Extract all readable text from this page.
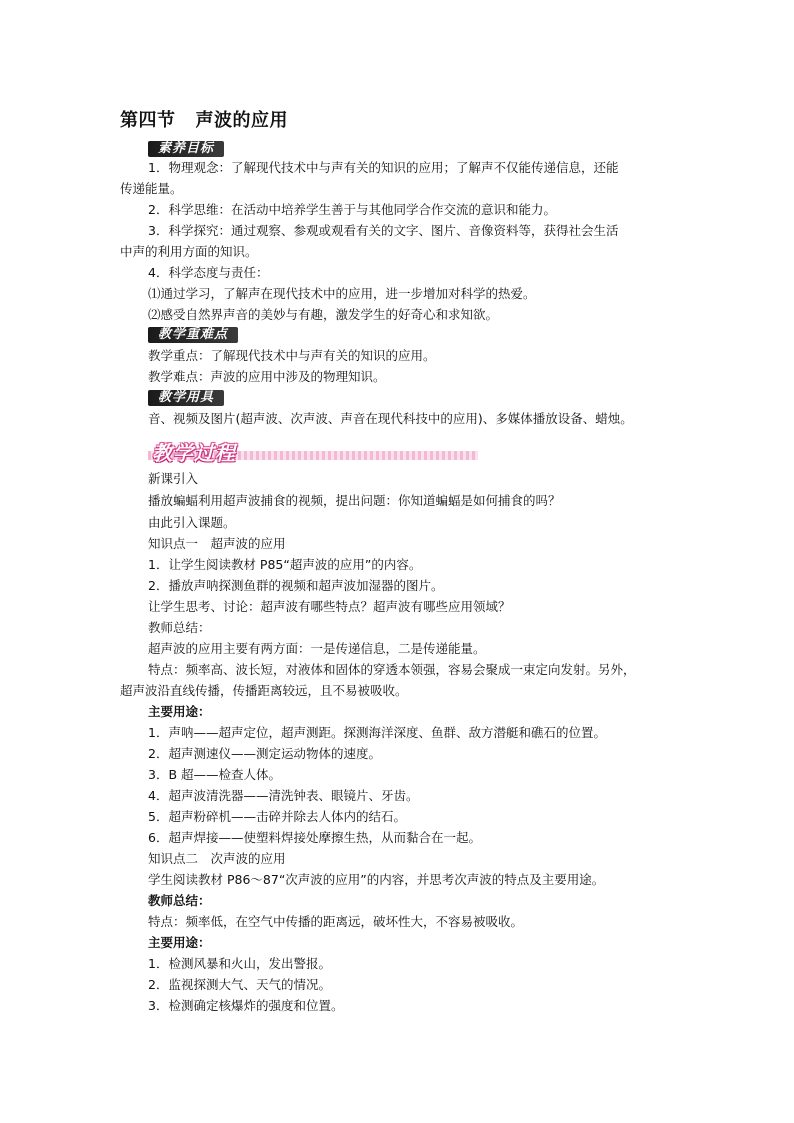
第四节 声波的应用
素养目标
1．物理观念：了解现代技术中与声有关的知识的应用；了解声不仅能传递信息，还能
传递能量。
2．科学思维：在活动中培养学生善于与其他同学合作交流的意识和能力。
3．科学探究：通过观察、参观或观看有关的文字、图片、音像资料等，获得社会生活
中声的利用方面的知识。
4．科学态度与责任：
⑴通过学习，了解声在现代技术中的应用，进一步增加对科学的热爱。
⑵感受自然界声音的美妙与有趣，激发学生的好奇心和求知欲。
教学重难点
教学重点：了解现代技术中与声有关的知识的应用。
教学难点：声波的应用中涉及的物理知识。
教学用具
音、视频及图片(超声波、次声波、声音在现代科技中的应用)、多媒体播放设备、蜡烛。
教学过程
新课引入
播放蝙蝠利用超声波捕食的视频，提出问题：你知道蝙蝠是如何捕食的吗？
由此引入课题。
知识点一　超声波的应用
1．让学生阅读教材 P85“超声波的应用”的内容。
2．播放声呐探测鱼群的视频和超声波加湿器的图片。
让学生思考、讨论：超声波有哪些特点？超声波有哪些应用领域？
教师总结：
超声波的应用主要有两方面：一是传递信息，二是传递能量。
特点：频率高、波长短，对液体和固体的穿透本领强，容易会聚成一束定向发射。另外，
超声波沿直线传播，传播距离较远，且不易被吸收。
主要用途：
1．声呐——超声定位，超声测距。探测海洋深度、鱼群、敌方潜艇和礁石的位置。
2．超声测速仪——测定运动物体的速度。
3．B 超——检查人体。
4．超声波清洗器——清洗钟表、眼镜片、牙齿。
5．超声粉碎机——击碎并除去人体内的结石。
6．超声焊接——使塑料焊接处摩擦生热，从而黏合在一起。
知识点二　次声波的应用
学生阅读教材 P86～87“次声波的应用”的内容，并思考次声波的特点及主要用途。
教师总结：
特点：频率低，在空气中传播的距离远，破坏性大，不容易被吸收。
主要用途：
1．检测风暴和火山，发出警报。
2．监视探测大气、天气的情况。
3．检测确定核爆炸的强度和位置。
